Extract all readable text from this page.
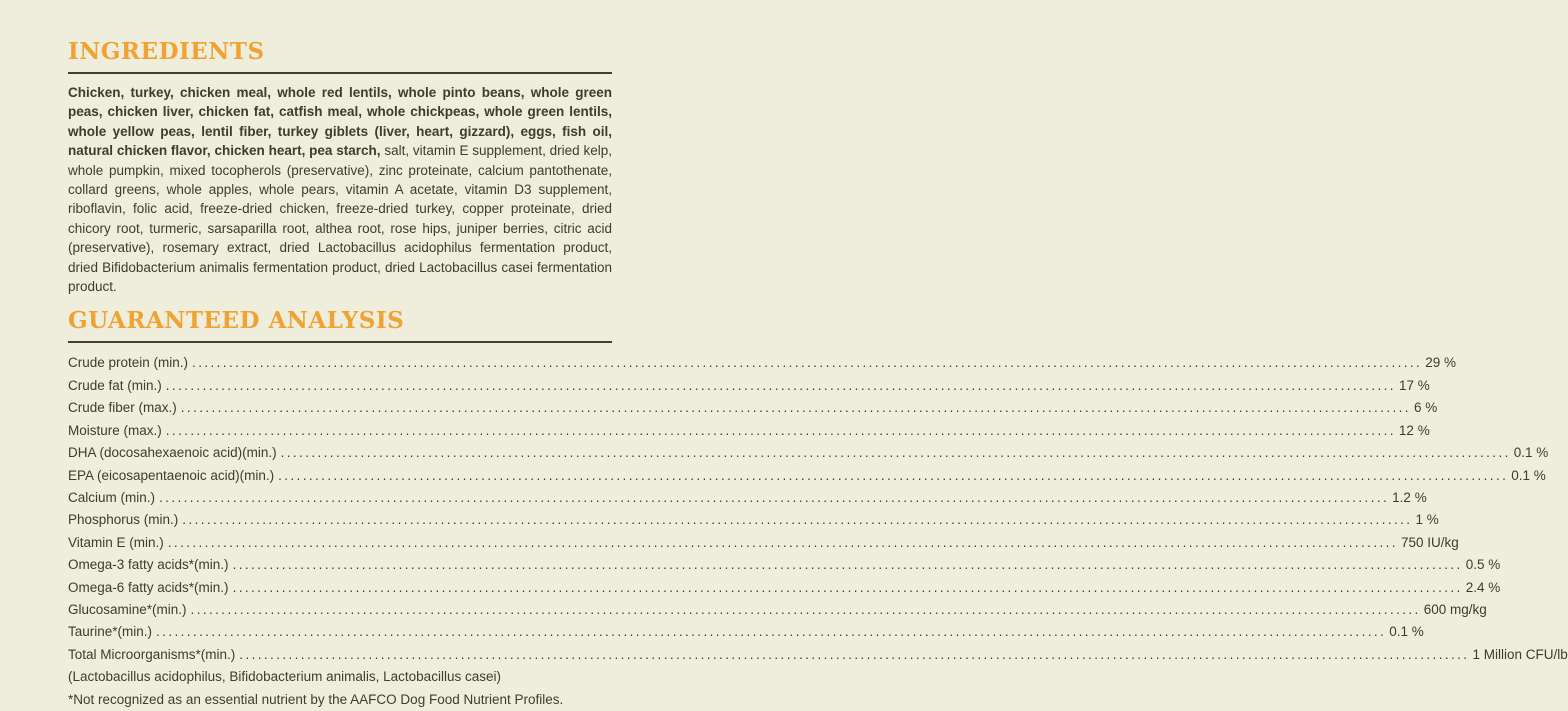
INGREDIENTS

Chicken, turkey, chicken meal, whole red lentils, whole pinto beans, whole green peas, chicken liver, chicken fat, catfish meal, whole chickpeas, whole green lentils, whole yellow peas, lentil fiber, turkey giblets (liver, heart, gizzard), eggs, fish oil, natural chicken flavor, chicken heart, pea starch, salt, vitamin E supplement, dried kelp, whole pumpkin, mixed tocopherols (preservative), zinc proteinate, calcium pantothenate, collard greens, whole apples, whole pears, vitamin A acetate, vitamin D3 supplement, riboflavin, folic acid, freeze-dried chicken, freeze-dried turkey, copper proteinate, dried chicory root, turmeric, sarsaparilla root, althea root, rose hips, juniper berries, citric acid (preservative), rosemary extract, dried Lactobacillus acidophilus fermentation product, dried Bifidobacterium animalis fermentation product, dried Lactobacillus casei fermentation product.

GUARANTEED ANALYSIS
Crude protein (min.) .....	29 %
Crude fat (min.) .....	17 %
Crude fiber (max.) .....	6 %
Moisture (max.) .....	12 %
DHA (docosahexaenoic acid)(min.) .....	0.1 %
EPA (eicosapentaenoic acid)(min.) .....	0.1 %
Calcium (min.) .....	1.2 %
Phosphorus (min.) .....	1 %
Vitamin E (min.) .....	750 IU/kg
Omega-3 fatty acids*(min.) .....	0.5 %
Omega-6 fatty acids*(min.) .....	2.4 %
Glucosamine*(min.) .....	600 mg/kg
Taurine*(min.) .....	0.1 %
Total Microorganisms*(min.) .....	1 Million CFU/lb

(Lactobacillus acidophilus, Bifidobacterium animalis, Lactobacillus casei)

*Not recognized as an essential nutrient by the AAFCO Dog Food Nutrient Profiles.
